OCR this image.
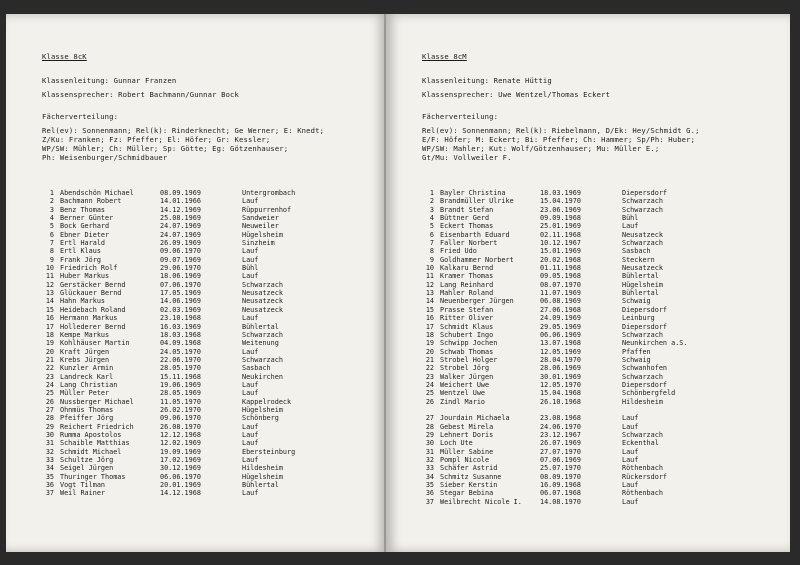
Klasse 8cK
Klassenleitung: Gunnar Franzen
Klassensprecher: Robert Bachmann/Gunnar Bock
Fächerverteilung:
Rel(ev): Sonnenmann; Rel(k): Rinderknecht; Ge Werner; E: Knedt;
Z/Ku: Franken; Fz: Pfeffer; El: Höfer; Gr: Kessler;
WP/SW: Mühler; Ch: Müller; Sp: Götte; Eg: Götzenhauser;
Ph: Weisenburger/Schmidbauer
1 Abendschön Michael	08.09.1969	Untergrombach
2 Bachmann Robert	14.01.1966	Lauf
3 Benz Thomas	14.12.1969	Rüppurrenhof
4 Berner Günter	25.08.1969	Sandweier
5 Bock Gerhard	24.07.1969	Neuweiler
6 Ebner Dieter	24.07.1969	Hügelsheim
7 Ertl Harald	26.09.1969	Sinzheim
8 Ertl Klaus	09.06.1970	Lauf
9 Frank Jörg	09.07.1969	Lauf
10 Friedrich Rolf	29.06.1970	Bühl
11 Huber Markus	18.06.1969	Lauf
12 Gerstäcker Bernd	07.06.1970	Schwarzach
13 Glückauer Bernd	17.05.1969	Neusatzeck
14 Hahn Markus	14.06.1969	Neusatzeck
15 Heidebach Roland	02.03.1969	Neusatzeck
16 Hermann Markus	23.10.1968	Lauf
17 Hollederer Bernd	16.03.1969	Bühlertal
18 Kempe Markus	18.03.1968	Schwarzach
19 Kohlhäuser Martin	04.09.1968	Weitenung
20 Kraft Jürgen	24.05.1970	Lauf
21 Krebs Jürgen	22.06.1970	Schwarzach
22 Kunzler Armin	28.05.1970	Sasbach
23 Landreck Karl	15.11.1968	Neukirchen
24 Lang Christian	19.06.1969	Lauf
25 Müller Peter	28.05.1969	Lauf
26 Nussberger Michael	11.05.1970	Kappelrodeck
27 Ohnmüs Thomas	26.02.1970	Hügelsheim
28 Pfeiffer Jörg	09.06.1970	Schönberg
29 Reichert Friedrich	26.08.1970	Lauf
30 Rumma Apostolos	12.12.1968	Lauf
31 Schaible Matthias	12.02.1969	Lauf
32 Schmidt Michael	19.09.1969	Ebersteinburg
33 Schultze Jörg	17.02.1969	Lauf
34 Seigel Jürgen	30.12.1969	Hildesheim
35 Thuringer Thomas	06.06.1970	Hügelsheim
36 Vogt Tilman	20.01.1969	Bühlertal
37 Weil Rainer	14.12.1968	Lauf
Klasse 8cM
Klassenleitung: Renate Hüttig
Klassensprecher: Uwe Wentzel/Thomas Eckert
Fächerverteilung:
Rel(ev): Sonnenmann; Rel(k): Riebelmann, D/Ek: Hey/Schmidt G.;
E/F: Höfer; M: Eckert; Bi: Pfeffer; Ch: Hammer; Sp/Ph: Huber;
WP/SW: Mahler; Kut: Wolf/Götzenhauser; Mu: Müller E.;
Gt/Mu: Vollweiler F.
1 Bayler Christina	18.03.1969	Diepersdorf
2 Brandmüller Ulrike	15.04.1970	Schwarzach
3 Brandt Stefan	23.06.1969	Schwarzach
4 Büttner Gerd	09.09.1968	Bühl
5 Eckert Thomas	25.01.1969	Lauf
6 Eisenbarth Eduard	02.11.1968	Neusatzeck
7 Faller Norbert	10.12.1967	Schwarzach
8 Fried Udo	15.01.1969	Sasbach
9 Goldhammer Norbert	20.02.1968	Steckern
10 Kalkaru Bernd	01.11.1968	Neusatzeck
11 Kramer Thomas	09.05.1968	Bühlertal
12 Lang Reinhard	08.07.1970	Hügelsheim
13 Mahler Roland	11.07.1969	Bühlertal
14 Neuenberger Jürgen	06.08.1969	Schwaig
15 Prasse Stefan	27.06.1968	Diepersdorf
16 Ritter Oliver	24.09.1969	Leinburg
17 Schmidt Klaus	29.05.1969	Diepersdorf
18 Schubert Ingo	06.06.1969	Schwarzach
19 Schwipp Jochen	13.07.1968	Neunkirchen a.S.
20 Schwab Thomas	12.05.1969	Pfaffen
21 Strobel Holger	28.04.1970	Schwaig
22 Strobel Jörg	28.06.1969	Schwanhofen
23 Walker Jürgen	30.01.1969	Schwarzach
24 Weichert Uwe	12.05.1970	Diepersdorf
25 Wentzel Uwe	15.04.1968	Schönbergfeld
26 Zindl Mario	26.10.1968	Hildesheim
27 Jourdain Michaela	23.08.1968	Lauf
28 Gebest Mirela	24.06.1970	Lauf
29 Lehnert Doris	23.12.1967	Schwarzach
30 Loch Ute	26.07.1969	Eckenthal
31 Müller Sabine	27.07.1970	Lauf
32 Pompl Nicole	07.06.1969	Lauf
33 Schäfer Astrid	25.07.1970	Röthenbach
34 Schmitz Susanne	08.09.1970	Rückersdorf
35 Sieber Kerstin	16.09.1968	Lauf
36 Stegar Bebina	06.07.1968	Röthenbach
37 Weilbrecht Nicole I.	14.08.1970	Lauf
